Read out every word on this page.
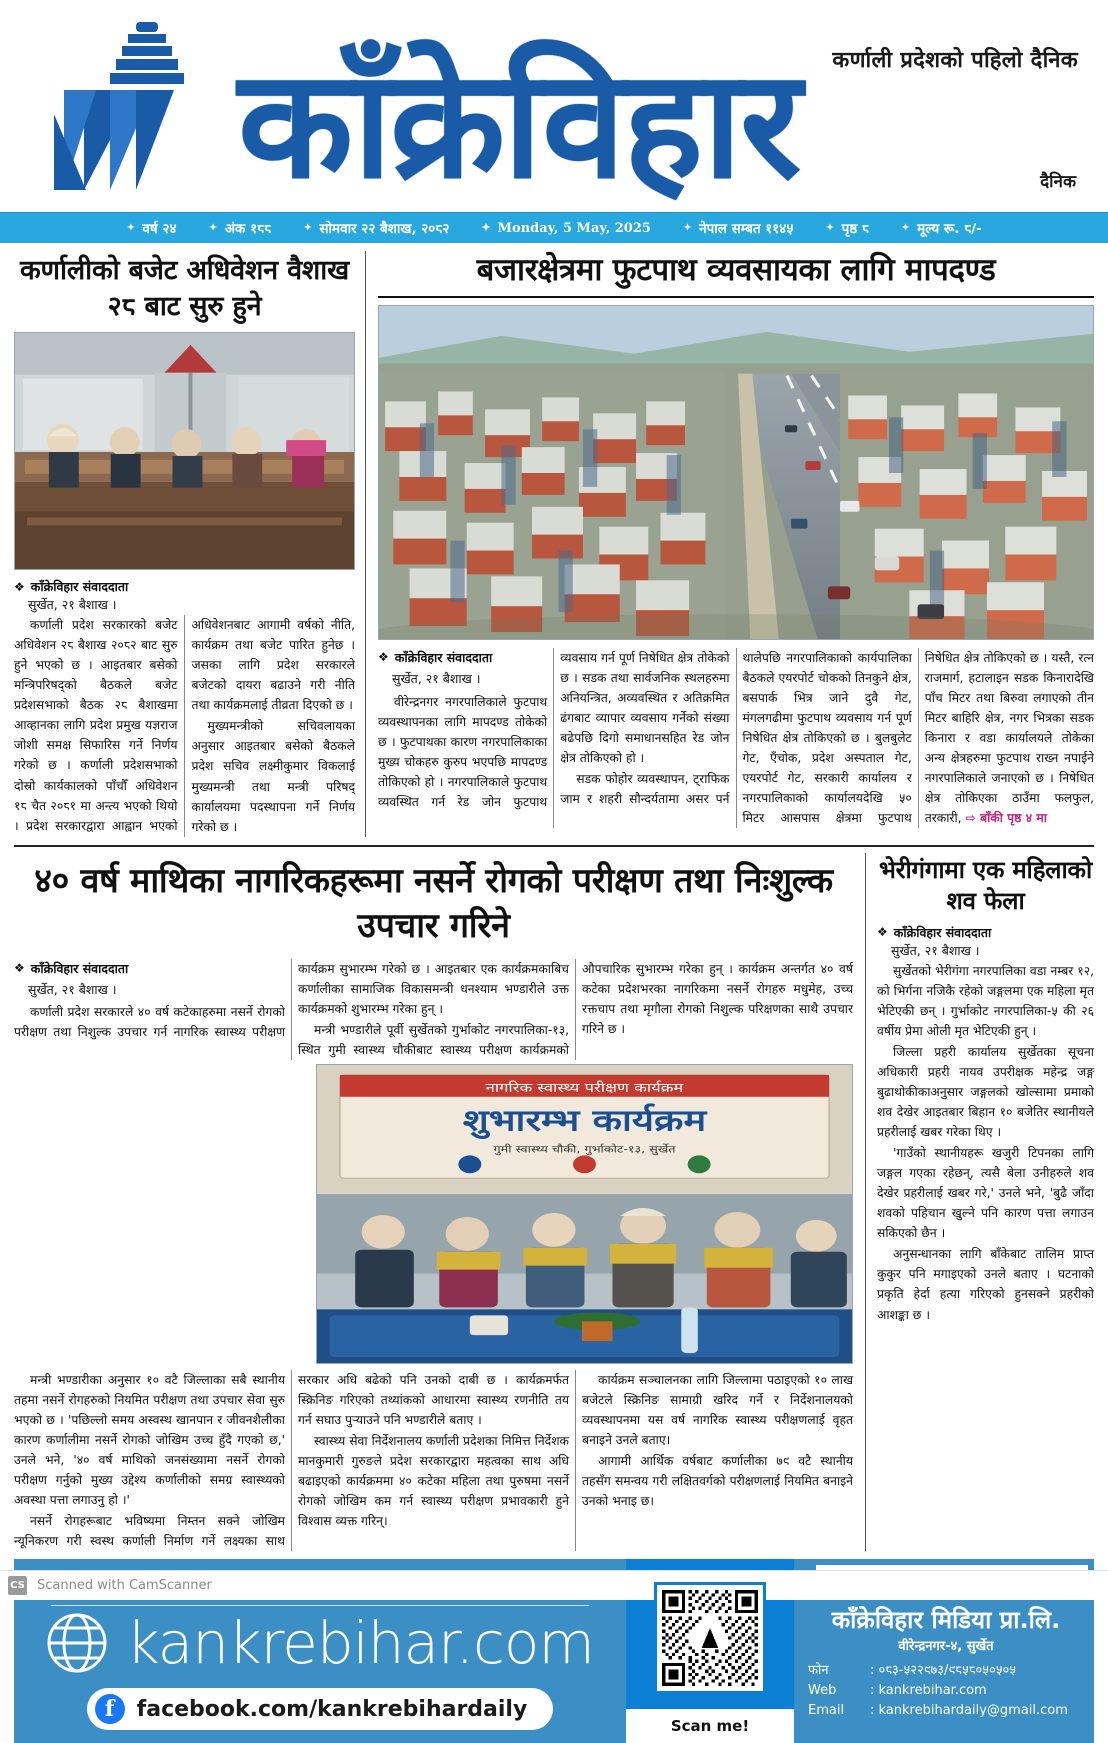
काँक्रेविहार कर्णाली प्रदेशको पहिलो दैनिक
दैनिक
✦ वर्ष २४	✦ अंक १८८	✦ सोमवार २२ बैशाख, २०८२	✦ Monday, 5 May, 2025	✦ नेपाल सम्बत ११४५	✦ पृष्ठ ८	✦ मूल्य रू. ८/-
कर्णालीको बजेट अधिवेशन वैशाख २८ बाट सुरु हुने
❖ काँक्रेविहार संवाददाता
सुर्खेत, २१ बैशाख ।

कर्णाली प्रदेश सरकारको बजेट अधिवेशन २८ बैशाख २०८२ बाट सुरु हुने भएको छ । आइतबार बसेको मन्त्रिपरिषद्को बैठकले बजेट प्रदेशसभाको बैठक २८ बैशाखमा आव्हानका लागि प्रदेश प्रमुख यज्ञराज जोशी समक्ष सिफारिस गर्ने निर्णय गरेको छ । कर्णाली प्रदेशसभाको दोस्रो कार्यकालको पाँचौँ अधिवेशन १८ चैत २०८१ मा अन्त्य भएको थियो । प्रदेश सरकारद्वारा आह्वान भएको अधिवेशनबाट आगामी वर्षको नीति, कार्यक्रम तथा बजेट पारित हुनेछ । जसका लागि प्रदेश सरकारले बजेटको दायरा बढाउने गरी नीति तथा कार्यक्रमलाई तीव्रता दिएको छ ।

मुख्यमन्त्रीको सचिवलायका अनुसार आइतबार बसेको बैठकले प्रदेश सचिव लक्ष्मीकुमार विकलाई मुख्यमन्त्री तथा मन्त्री परिषद् कार्यालयमा पदस्थापना गर्ने निर्णय गरेको छ ।

बजारक्षेत्रमा फुटपाथ व्यवसायका लागि मापदण्ड
❖ काँक्रेविहार संवाददाता
सुर्खेत, २१ बैशाख ।

वीरेन्द्रनगर नगरपालिकाले फुटपाथ व्यवस्थापनका लागि मापदण्ड तोकेको छ । फुटपाथका कारण नगरपालिकाका मुख्य चोकहरु कुरुप भएपछि मापदण्ड तोकिएको हो । नगरपालिकाले फुटपाथ व्यवस्थित गर्न रेड जोन फुटपाथ व्यवसाय गर्न पूर्ण निषेधित क्षेत्र तोकेको छ । सडक तथा सार्वजनिक स्थलहरुमा अनियन्त्रित, अव्यवस्थित र अतिक्रमित ढंगबाट व्यापार व्यवसाय गर्नेको संख्या बढेपछि दिगो समाधानसहित रेड जोन क्षेत्र तोकिएको हो ।

सडक फोहोर व्यवस्थापन, ट्राफिक जाम र शहरी सौन्दर्यतामा असर पर्न थालेपछि नगरपालिकाको कार्यपालिका बैठकले एयरपोर्ट चोकको तिनकुने क्षेत्र, बसपार्क भित्र जाने दुवै गेट, मंगलगढीमा फुटपाथ व्यवसाय गर्न पूर्ण निषेधित क्षेत्र तोकिएको छ । बुलबुलेट गेट, एँचोक, प्रदेश अस्पताल गेट, एयरपोर्ट गेट, सरकारी कार्यालय र नगरपालिकाको कार्यालयदेखि ५० मिटर आसपास क्षेत्रमा फुटपाथ निषेधित क्षेत्र तोकिएको छ । यस्तै, रत्न राजमार्ग, हटालाइन सडक किनारादेखि पाँच मिटर तथा बिरुवा लगाएको तीन मिटर बाहिरि क्षेत्र, नगर भित्रका सडक किनारा र वडा कार्यालयले तोकेका अन्य क्षेत्रहरुमा फुटपाथ राख्न नपाईने नगरपालिकाले जनाएको छ । निषेधित क्षेत्र तोकिएका ठाउँमा फलफुल, तरकारी, ⇨ बाँकी पृष्ठ ४ मा

४० वर्ष माथिका नागरिकहरूमा नसर्ने रोगको परीक्षण तथा निःशुल्क उपचार गरिने
❖ काँक्रेविहार संवाददाता
सुर्खेत, २१ बैशाख ।

कर्णाली प्रदेश सरकारले ४० वर्ष कटेकाहरुमा नसर्ने रोगको परीक्षण तथा निशुल्क उपचार गर्न नागरिक स्वास्थ्य परीक्षण कार्यक्रम सुभारम्भ गरेको छ । आइतबार एक कार्यक्रमकाबिच कर्णालीका सामाजिक विकासमन्त्री धनश्याम भण्डारीले उक्त कार्यक्रमको शुभारम्भ गरेका हुन् ।

मन्त्री भण्डारीले पूर्वी सुर्खेतको गुर्भाकोट नगरपालिका-१३, स्थित गुमी स्वास्थ्य चौकीबाट स्वास्थ्य परीक्षण कार्यक्रमको औपचारिक सुभारम्भ गरेका हुन् । कार्यक्रम अन्तर्गत ४० वर्ष कटेका प्रदेशभरका नागरिकमा नसर्ने रोगहरु मधुमेह, उच्च रक्तचाप तथा मृगौला रोगको निशुल्क परिक्षणका साथै उपचार गरिने छ ।

नागरिक स्वास्थ्य परीक्षण कार्यक्रम
शुभारम्भ कार्यक्रम
गुमी स्वास्थ्य चौकी, गुर्भाकोट-१३, सुर्खेत

मन्त्री भण्डारीका अनुसार १० वटै जिल्लाका सबै स्थानीय तहमा नसर्ने रोगहरुको नियमित परीक्षण तथा उपचार सेवा सुरु भएको छ । 'पछिल्लो समय अस्वस्थ खानपान र जीवनशैलीका कारण कर्णालीमा नसर्ने रोगको जोखिम उच्च हुँदै गएको छ,' उनले भने, '४० वर्ष माथिको जनसंख्यामा नसर्ने रोगको परीक्षण गर्नुको मुख्य उद्देश्य कर्णालीको समग्र स्वास्थ्यको अवस्था पत्ता लगाउनु हो ।'

नसर्ने रोगहरूबाट भविष्यमा निम्तन सक्ने जोखिम न्यूनिकरण गरी स्वस्थ कर्णाली निर्माण गर्ने लक्ष्यका साथ सरकार अधि बढेको पनि उनको दाबी छ । कार्यक्रमर्फत स्क्रिनिङ गरिएको तथ्यांकको आधारमा स्वास्थ्य रणनीति तय गर्न सघाउ पुर्‍याउने पनि भण्डारीले बताए ।

स्वास्थ्य सेवा निर्देशनालय कर्णाली प्रदेशका निमित्त निर्देशक मानकुमारी गुरुङले प्रदेश सरकारद्वारा महत्वका साथ अधि बढाइएको कार्यक्रममा ४० कटेका महिला तथा पुरुषमा नसर्ने रोगको जोखिम कम गर्न स्वास्थ्य परीक्षण प्रभावकारी हुने विश्वास व्यक्त गरिन्।

कार्यक्रम सञ्चालनका लागि जिल्लामा पठाइएको १० लाख बजेटले स्क्रिनिङ सामाग्री खरिद गर्ने र निर्देशनालयको व्यवस्थापनमा यस वर्ष नागरिक स्वास्थ्य परीक्षणलाई वृहत बनाइने उनले बताए।

आगामी आर्थिक वर्षबाट कर्णालीका ७९ वटै स्थानीय तहसँग समन्वय गरी लक्षितवर्गको परीक्षणलाई नियमित बनाइने उनको भनाइ छ।

भेरीगंगामा एक महिलाको शव फेला
❖ काँक्रेविहार संवाददाता
सुर्खेत, २१ बैशाख ।

सुर्खेतको भेरीगंगा नगरपालिका वडा नम्बर १२, को भिर्गना नजिकै रहेको जङ्गलमा एक महिला मृत भेटिएकी छन् । गुर्भाकोट नगरपालिका-५ की २६ वर्षीय प्रेमा ओली मृत भेटिएकी हुन् ।

जिल्ला प्रहरी कार्यालय सुर्खेतका सूचना अधिकारी प्रहरी नायव उपरीक्षक महेन्द्र जङ्ग बुढाथोकीकाअनुसार जङ्गलको खोल्सामा प्रमाकाे शव देखेर आइतबार बिहान १० बजेतिर स्थानीयले प्रहरीलाई खबर गरेका थिए ।

'गाउँको स्थानीयहरू खजुरी टिपनका लागि जङ्गल गएका रहेछन्, त्यसै बेला उनीहरुले शव देखेर प्रहरीलाई खबर गरे,' उनले भने, 'बुढै जाँदा शवको पहिचान खुल्ने पनि कारण पत्ता लगाउन सकिएको छैन ।

अनुसन्धानका लागि बाँकेबाट तालिम प्राप्त कुकुर पनि मगाइएको उनले बताए । घटनाको प्रकृति हेर्दा हत्या गरिएको हुनसक्ने प्रहरीको आशङ्का छ ।

kankrebihar.com
f	facebook.com/kankrebihardaily
Scan me!
काँक्रेविहार मिडिया प्रा.लि.
वीरेन्द्रनगर-४, सुर्खेत
फोन	: ०८३-५२२९७३/९८५८०५०५०५
Web	: kankrebihar.com
Email	: kankrebihardaily@gmail.com
CS Scanned with CamScanner
